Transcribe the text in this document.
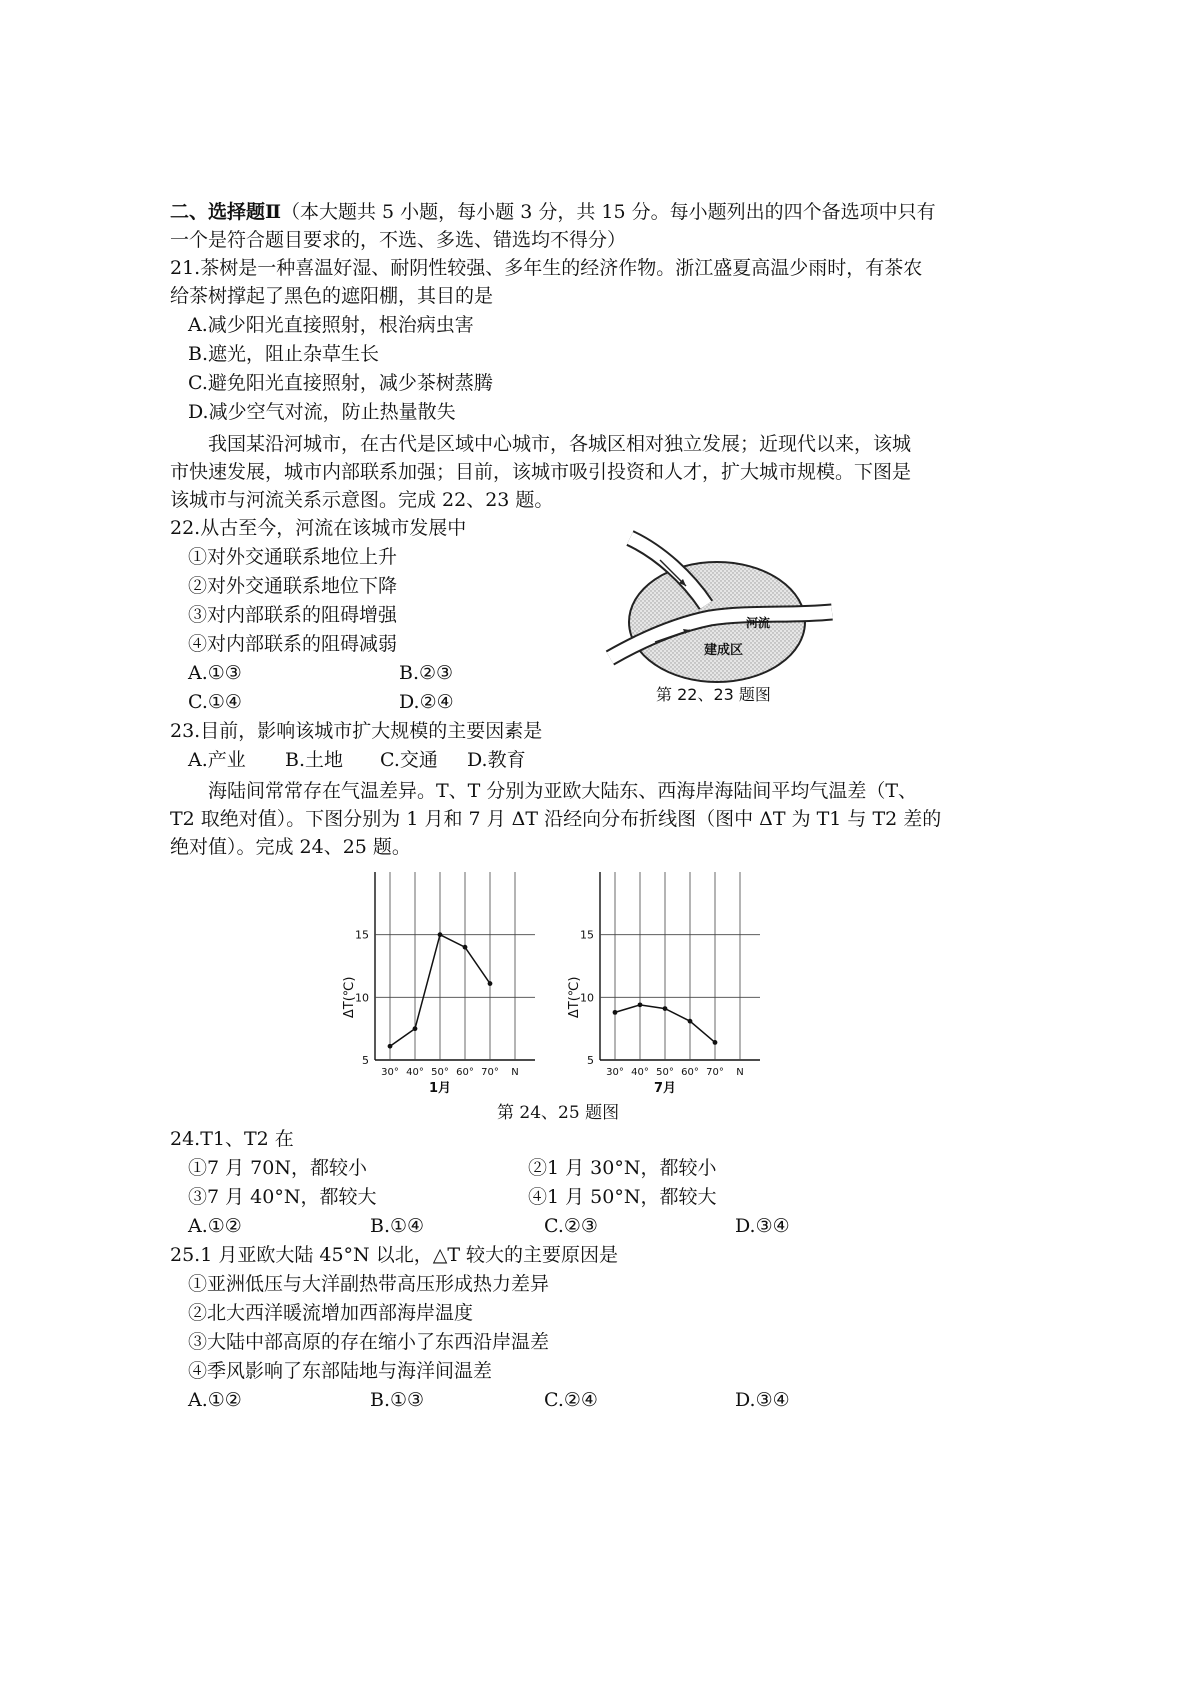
二、选择题Ⅱ（本大题共 5 小题，每小题 3 分，共 15 分。每小题列出的四个备选项中只有
一个是符合题目要求的，不选、多选、错选均不得分）
21.茶树是一种喜温好湿、耐阴性较强、多年生的经济作物。浙江盛夏高温少雨时，有茶农
给茶树撑起了黑色的遮阳棚，其目的是
A.减少阳光直接照射，根治病虫害
B.遮光，阻止杂草生长
C.避免阳光直接照射，减少茶树蒸腾
D.减少空气对流，防止热量散失
我国某沿河城市，在古代是区域中心城市，各城区相对独立发展；近现代以来，该城
市快速发展，城市内部联系加强；目前，该城市吸引投资和人才，扩大城市规模。下图是
该城市与河流关系示意图。完成 22、23 题。
22.从古至今，河流在该城市发展中
①对外交通联系地位上升
②对外交通联系地位下降
③对内部联系的阻碍增强
④对内部联系的阻碍减弱
A.①③	B.②③
C.①④	D.②④
河流
建成区
第 22、23 题图
23.目前，影响该城市扩大规模的主要因素是
A.产业 B.土地 C.交通 D.教育
海陆间常常存在气温差异。T、T 分别为亚欧大陆东、西海岸海陆间平均气温差（T、
T2 取绝对值）。下图分别为 1 月和 7 月 ΔT 沿经向分布折线图（图中 ΔT 为 T1 与 T2 差的
绝对值）。完成 24、25 题。
5
10
15
30° 40° 50° 60° 70° N
ΔT(℃)
1月
5
10
15
30° 40° 50° 60° 70° N
ΔT(℃)
7月
第 24、25 题图
24.T1、T2 在
①7 月 70N，都较小	②1 月 30°N，都较小
③7 月 40°N，都较大	④1 月 50°N，都较大
A.①②	B.①④	C.②③	D.③④
25.1 月亚欧大陆 45°N 以北，△T 较大的主要原因是
①亚洲低压与大洋副热带高压形成热力差异
②北大西洋暖流增加西部海岸温度
③大陆中部高原的存在缩小了东西沿岸温差
④季风影响了东部陆地与海洋间温差
A.①②	B.①③	C.②④	D.③④
